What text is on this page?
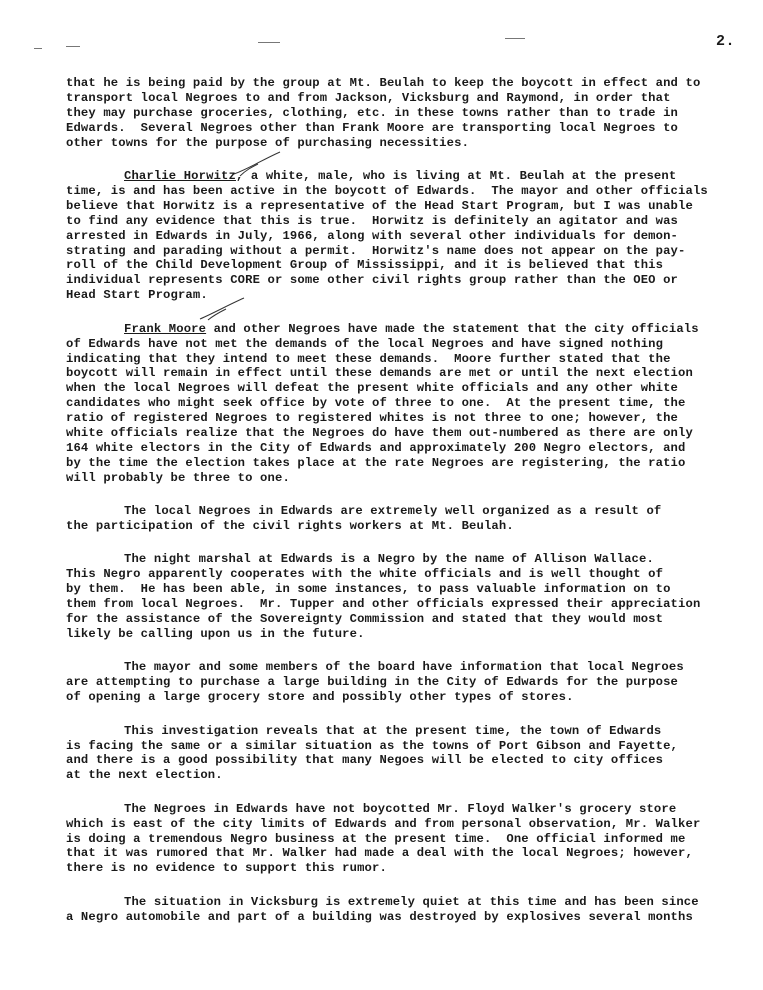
2.

that he is being paid by the group at Mt. Beulah to keep the boycott in effect and to
transport local Negroes to and from Jackson, Vicksburg and Raymond, in order that
they may purchase groceries, clothing, etc. in these towns rather than to trade in
Edwards.  Several Negroes other than Frank Moore are transporting local Negroes to
other towns for the purpose of purchasing necessities.

Charlie Horwitz, a white, male, who is living at Mt. Beulah at the present
time, is and has been active in the boycott of Edwards.  The mayor and other officials
believe that Horwitz is a representative of the Head Start Program, but I was unable
to find any evidence that this is true.  Horwitz is definitely an agitator and was
arrested in Edwards in July, 1966, along with several other individuals for demon-
strating and parading without a permit.  Horwitz's name does not appear on the pay-
roll of the Child Development Group of Mississippi, and it is believed that this
individual represents CORE or some other civil rights group rather than the OEO or
Head Start Program.

Frank Moore and other Negroes have made the statement that the city officials
of Edwards have not met the demands of the local Negroes and have signed nothing
indicating that they intend to meet these demands.  Moore further stated that the
boycott will remain in effect until these demands are met or until the next election
when the local Negroes will defeat the present white officials and any other white
candidates who might seek office by vote of three to one.  At the present time, the
ratio of registered Negroes to registered whites is not three to one; however, the
white officials realize that the Negroes do have them out-numbered as there are only
164 white electors in the City of Edwards and approximately 200 Negro electors, and
by the time the election takes place at the rate Negroes are registering, the ratio
will probably be three to one.

The local Negroes in Edwards are extremely well organized as a result of
the participation of the civil rights workers at Mt. Beulah.

The night marshal at Edwards is a Negro by the name of Allison Wallace.
This Negro apparently cooperates with the white officials and is well thought of
by them.  He has been able, in some instances, to pass valuable information on to
them from local Negroes.  Mr. Tupper and other officials expressed their appreciation
for the assistance of the Sovereignty Commission and stated that they would most
likely be calling upon us in the future.

The mayor and some members of the board have information that local Negroes
are attempting to purchase a large building in the City of Edwards for the purpose
of opening a large grocery store and possibly other types of stores.

This investigation reveals that at the present time, the town of Edwards
is facing the same or a similar situation as the towns of Port Gibson and Fayette,
and there is a good possibility that many Negoes will be elected to city offices
at the next election.

The Negroes in Edwards have not boycotted Mr. Floyd Walker's grocery store
which is east of the city limits of Edwards and from personal observation, Mr. Walker
is doing a tremendous Negro business at the present time.  One official informed me
that it was rumored that Mr. Walker had made a deal with the local Negroes; however,
there is no evidence to support this rumor.

The situation in Vicksburg is extremely quiet at this time and has been since
a Negro automobile and part of a building was destroyed by explosives several months
